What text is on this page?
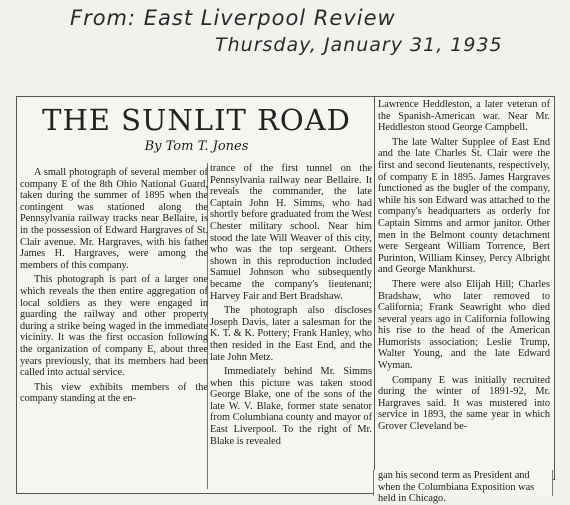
From: East Liverpool Review
Thursday, January 31, 1935
THE SUNLIT ROAD
By Tom T. Jones

A small photograph of several member of company E of the 8th Ohio National Guard, taken during the summer of 1895 when the contingent was stationed along the Pennsylvania railway tracks near Bellaire, is in the possession of Edward Hargraves of St. Clair avenue. Mr. Hargraves, with his father James H. Hargraves, were among the members of this company.

This photograph is part of a larger one which reveals the then entire aggregation of local soldiers as they were engaged in guarding the railway and other property during a strike being waged in the immediate vicinity. It was the first occasion following the organization of company E, about three years previously, that its members had been called into actual service.

This view exhibits members of the company standing at the en-

trance of the first tunnel on the Pennsylvania railway near Bellaire. It reveals the commander, the late Captain John H. Simms, who had shortly before graduated from the West Chester military school. Near him stood the late Will Weaver of this city, who was the top sergeant. Others shown in this reproduction included Samuel Johnson who subsequently became the company's lieutenant; Harvey Fair and Bert Bradshaw.

The photograph also discloses Joseph Davis, later a salesman for the K. T. & K. Pottery; Frank Hanley, who then resided in the East End, and the late John Metz.

Immediately behind Mr. Simms when this picture was taken stood George Blake, one of the sons of the late W. V. Blake, former state senator from Columbiana county and mayor of East Liverpool. To the right of Mr. Blake is revealed

Lawrence Heddleston, a later veteran of the Spanish-American war. Near Mr. Heddleston stood George Campbell.

The late Walter Supplee of East End and the late Charles St. Clair were the first and second lieutenants, respectively, of company E in 1895. James Hargraves functioned as the bugler of the company, while his son Edward was attached to the company's headquarters as orderly for Captain Simms and armor janitor. Other men in the Belmont county detachment were Sergeant William Torrence, Bert Purinton, William Kinsey, Percy Albright and George Mankhurst.

There were also Elijah Hill; Charles Bradshaw, who later removed to California; Frank Seawright who died several years ago in California following his rise to the head of the American Humorists association; Leslie Trump, Walter Young, and the late Edward Wyman.

Company E was initially recruited during the winter of 1891-92, Mr. Hargraves said. It was mustered into service in 1893, the same year in which Grover Cleveland be-

gan his second term as President and when the Columbiana Exposition was held in Chicago.
